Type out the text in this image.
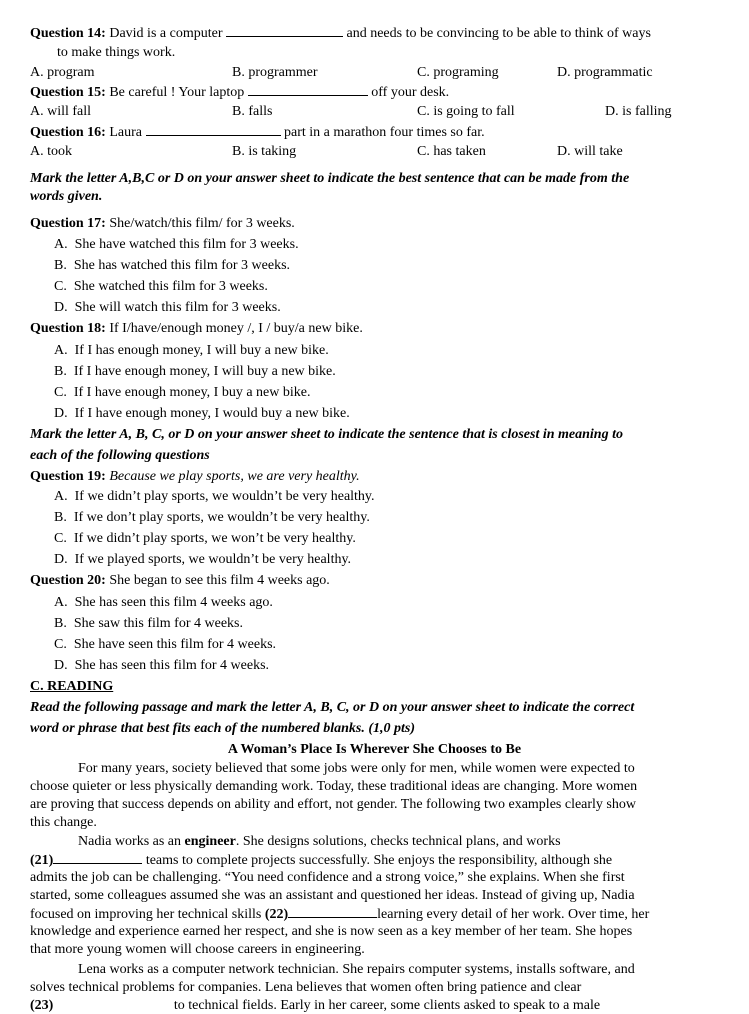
Question 14: David is a computer	and needs to be convincing to be able to think of ways
to make things work.
A. program	B. programmer	C. programing	D. programmatic
Question 15: Be careful ! Your laptop	off your desk.
A. will fall	B. falls	C. is going to fall	D. is falling
Question 16: Laura	part in a marathon four times so far.
A. took	B. is taking	C. has taken	D. will take
Mark the letter A,B,C or D on your answer sheet to indicate the best sentence that can be made from the
words given.
Question 17: She/watch/this film/ for 3 weeks.
A. She have watched this film for 3 weeks.
B. She has watched this film for 3 weeks.
C. She watched this film for 3 weeks.
D. She will watch this film for 3 weeks.
Question 18: If I/have/enough money /, I / buy/a new bike.
A. If I has enough money, I will buy a new bike.
B. If I have enough money, I will buy a new bike.
C. If I have enough money, I buy a new bike.
D. If I have enough money, I would buy a new bike.
Mark the letter A, B, C, or D on your answer sheet to indicate the sentence that is closest in meaning to
each of the following questions
Question 19: Because we play sports, we are very healthy.
A. If we didn’t play sports, we wouldn’t be very healthy.
B. If we don’t play sports, we wouldn’t be very healthy.
C. If we didn’t play sports, we won’t be very healthy.
D. If we played sports, we wouldn’t be very healthy.
Question 20: She began to see this film 4 weeks ago.
A. She has seen this film 4 weeks ago.
B. She saw this film for 4 weeks.
C. She have seen this film for 4 weeks.
D. She has seen this film for 4 weeks.
C. READING
Read the following passage and mark the letter A, B, C, or D on your answer sheet to indicate the correct
word or phrase that best fits each of the numbered blanks. (1,0 pts)
A Woman’s Place Is Wherever She Chooses to Be
For many years, society believed that some jobs were only for men, while women were expected to
choose quieter or less physically demanding work. Today, these traditional ideas are changing. More women
are proving that success depends on ability and effort, not gender. The following two examples clearly show
this change.
Nadia works as an engineer. She designs solutions, checks technical plans, and works
(21)	teams to complete projects successfully. She enjoys the responsibility, although she
admits the job can be challenging. “You need confidence and a strong voice,” she explains. When she first
started, some colleagues assumed she was an assistant and questioned her ideas. Instead of giving up, Nadia
focused on improving her technical skills (22)	learning every detail of her work. Over time, her
knowledge and experience earned her respect, and she is now seen as a key member of her team. She hopes
that more young women will choose careers in engineering.
Lena works as a computer network technician. She repairs computer systems, installs software, and
solves technical problems for companies. Lena believes that women often bring patience and clear
(23)	to technical fields. Early in her career, some clients asked to speak to a male
